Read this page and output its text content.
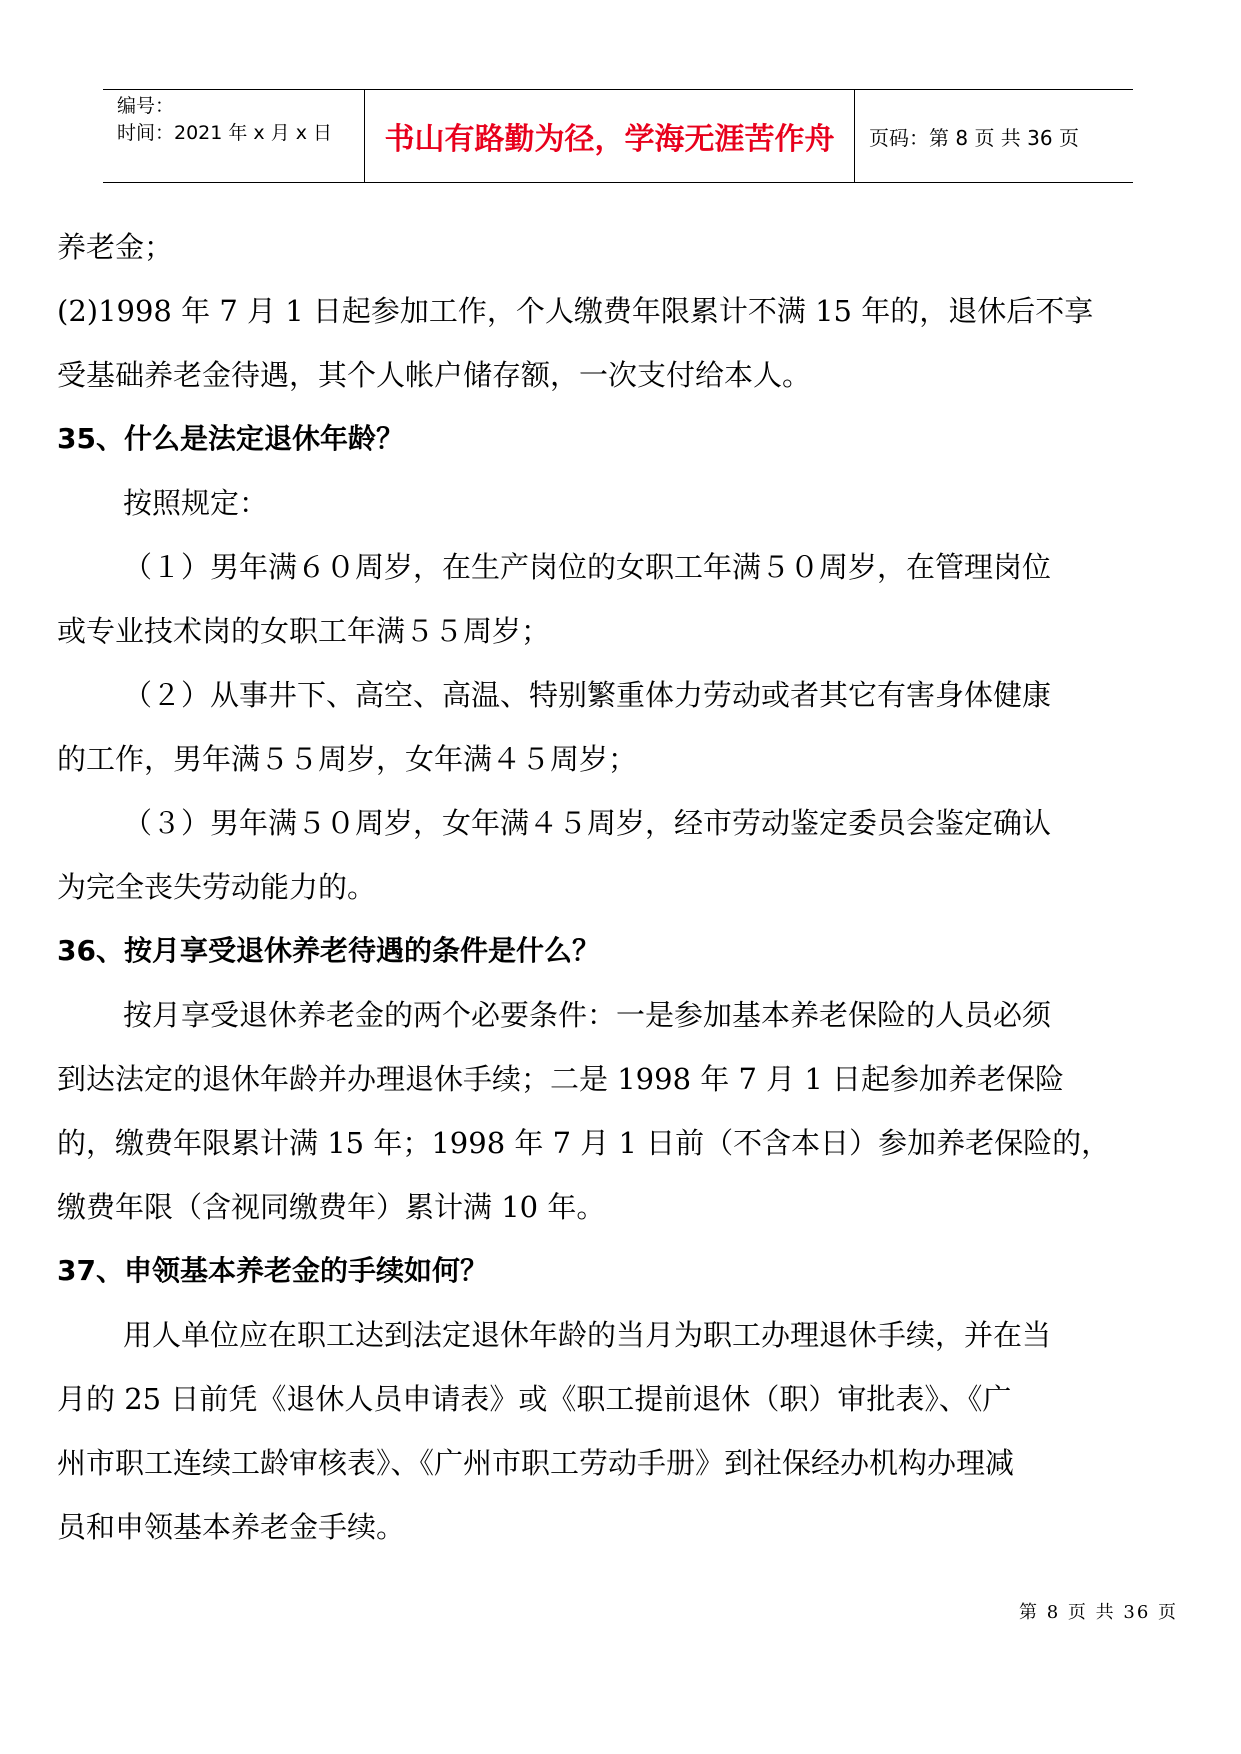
编号：
时间：2021 年 x 月 x 日	书山有路勤为径，学海无涯苦作舟	页码：第 8 页 共 36 页

养老金；

(2)1998 年 7 月 1 日起参加工作，个人缴费年限累计不满 15 年的，退休后不享

受基础养老金待遇，其个人帐户储存额，一次支付给本人。

35、什么是法定退休年龄？

按照规定：

（１）男年满６０周岁，在生产岗位的女职工年满５０周岁，在管理岗位

或专业技术岗的女职工年满５５周岁；

（２）从事井下、高空、高温、特别繁重体力劳动或者其它有害身体健康

的工作，男年满５５周岁，女年满４５周岁；

（３）男年满５０周岁，女年满４５周岁，经市劳动鉴定委员会鉴定确认

为完全丧失劳动能力的。

36、按月享受退休养老待遇的条件是什么？

按月享受退休养老金的两个必要条件：一是参加基本养老保险的人员必须

到达法定的退休年龄并办理退休手续；二是 1998 年 7 月 1 日起参加养老保险

的，缴费年限累计满 15 年；1998 年 7 月 1 日前（不含本日）参加养老保险的，

缴费年限（含视同缴费年）累计满 10 年。

37、申领基本养老金的手续如何？

用人单位应在职工达到法定退休年龄的当月为职工办理退休手续，并在当

月的 25 日前凭《退休人员申请表》或《职工提前退休（职）审批表》、《广

州市职工连续工龄审核表》、《广州市职工劳动手册》到社保经办机构办理减

员和申领基本养老金手续。

第 8 页 共 36 页
